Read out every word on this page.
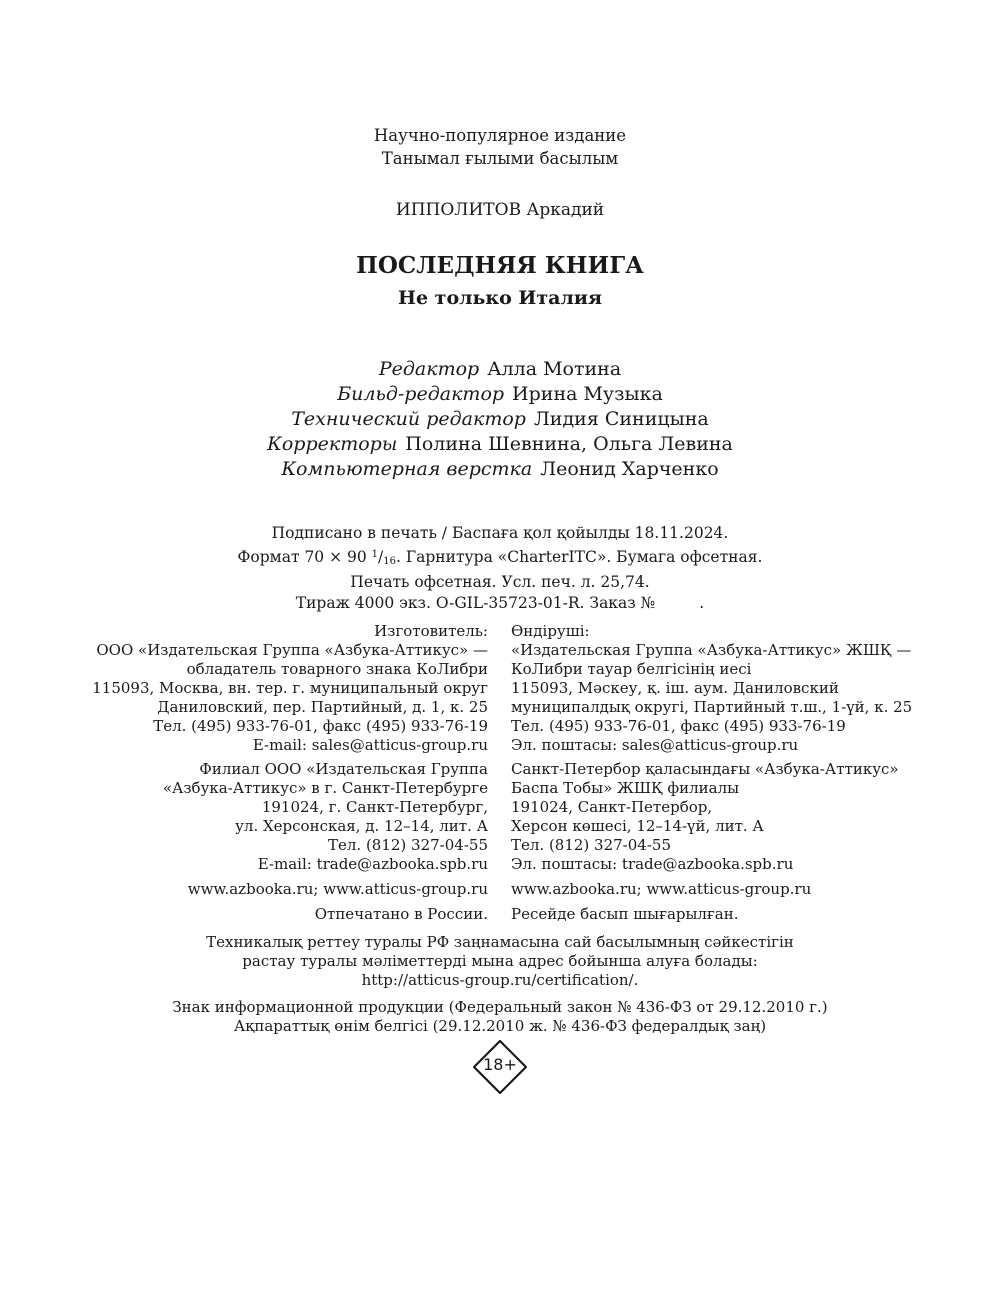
Научно-популярное издание
Танымал ғылыми басылым
ИППОЛИТОВ Аркадий
ПОСЛЕДНЯЯ КНИГА
Не только Италия
Редактор Алла Мотина
Бильд-редактор Ирина Музыка
Технический редактор Лидия Синицына
Корректоры Полина Шевнина, Ольга Левина
Компьютерная верстка Леонид Харченко
Подписано в печать / Баспаға қол қойылды 18.11.2024.
Формат 70 × 90 $^1/_{16}$. Гарнитура «CharterITC». Бумага офсетная.
Печать офсетная. Усл. печ. л. 25,74.
Тираж 4000 экз. O-GIL-35723-01-R. Заказ №	.
Изготовитель:
ООО «Издательская Группа «Азбука-Аттикус» —
обладатель товарного знака КоЛибри
115093, Москва, вн. тер. г. муниципальный округ
Даниловский, пер. Партийный, д. 1, к. 25
Тел. (495) 933-76-01, факс (495) 933-76-19
E-mail: sales@atticus-group.ru
Өндіруші:
«Издательская Группа «Азбука-Аттикус» ЖШҚ —
КоЛибри тауар белгісінің иесі
115093, Мәскеу, қ. іш. аум. Даниловский
муниципалдық округі, Партийный т.ш., 1-үй, к. 25
Тел. (495) 933-76-01, факс (495) 933-76-19
Эл. поштасы: sales@atticus-group.ru
Филиал ООО «Издательская Группа
«Азбука-Аттикус» в г. Санкт-Петербурге
191024, г. Санкт-Петербург,
ул. Херсонская, д. 12–14, лит. А
Тел. (812) 327-04-55
E-mail: trade@azbooka.spb.ru
Санкт-Петербор қаласындағы «Азбука-Аттикус»
Баспа Тобы» ЖШҚ филиалы
191024, Санкт-Петербор,
Херсон көшесі, 12–14-үй, лит. А
Тел. (812) 327-04-55
Эл. поштасы: trade@azbooka.spb.ru
www.azbooka.ru; www.atticus-group.ru www.azbooka.ru; www.atticus-group.ru
Отпечатано в России. Ресейде басып шығарылған.
Техникалық реттеу туралы РФ заңнамасына сай басылымның сәйкестігін
растау туралы мәліметтерді мына адрес бойынша алуға болады:
http://atticus-group.ru/certification/.
Знак информационной продукции (Федеральный закон № 436-ФЗ от 29.12.2010 г.)
Ақпараттық өнім белгісі (29.12.2010 ж. № 436-ФЗ федералдық заң)
18+
